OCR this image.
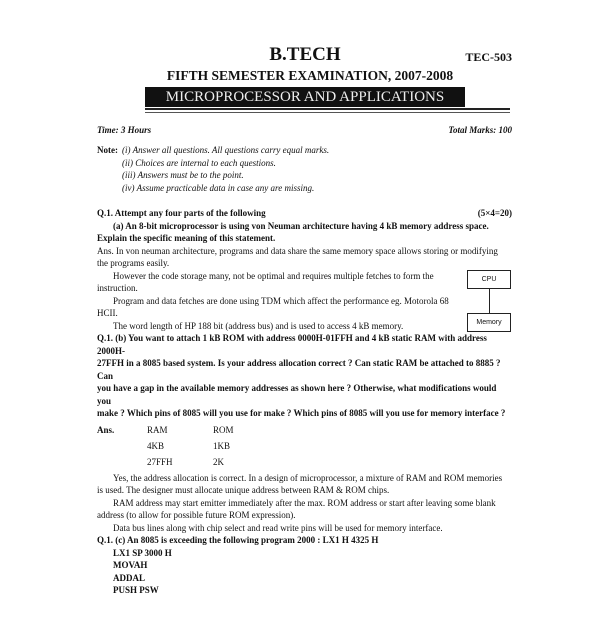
B.TECH	TEC-503
FIFTH SEMESTER EXAMINATION, 2007-2008
MICROPROCESSOR AND APPLICATIONS
Time: 3 Hours	Total Marks: 100
Note: (i) Answer all questions. All questions carry equal marks.
(ii) Choices are internal to each questions.
(iii) Answers must be to the point.
(iv) Assume practicable data in case any are missing.
Q.1. Attempt any four parts of the following	(5×4=20)
(a) An 8-bit microprocessor is using von Neuman architecture having 4 kB memory address space.
Explain the specific meaning of this statement.
Ans. In von neuman architecture, programs and data share the same memory space allows storing or modifying
CPU
Memory
the programs easily.
However the code storage many, not be optimal and requires multiple fetches to form the
instruction.
Program and data fetches are done using TDM which affect the performance eg. Motorola 68
HCII.
The word length of HP 188 bit (address bus) and is used to access 4 kB memory.
Q.1. (b) You want to attach 1 kB ROM with address 0000H-01FFH and 4 kB static RAM with address 2000H-
27FFH in a 8085 based system. Is your address allocation correct ? Can static RAM be attached to 8885 ? Can
you have a gap in the available memory addresses as shown here ? Otherwise, what modifications would you
make ? Which pins of 8085 will you use for make ? Which pins of 8085 will you use for memory interface ?
Ans.	RAM	ROM
4KB	1KB
27FFH	2K
Yes, the address allocation is correct. In a design of microprocessor, a mixture of RAM and ROM memories
is used. The designer must allocate unique address between RAM & ROM chips.
RAM address may start emitter immediately after the max. ROM address or start after leaving some blank
address (to allow for possible future ROM expression).
Data bus lines along with chip select and read write pins will be used for memory interface.
Q.1. (c) An 8085 is exceeding the following program 2000 : LX1 H 4325 H
LX1 SP 3000 H
MOVAH
ADDAL
PUSH PSW
